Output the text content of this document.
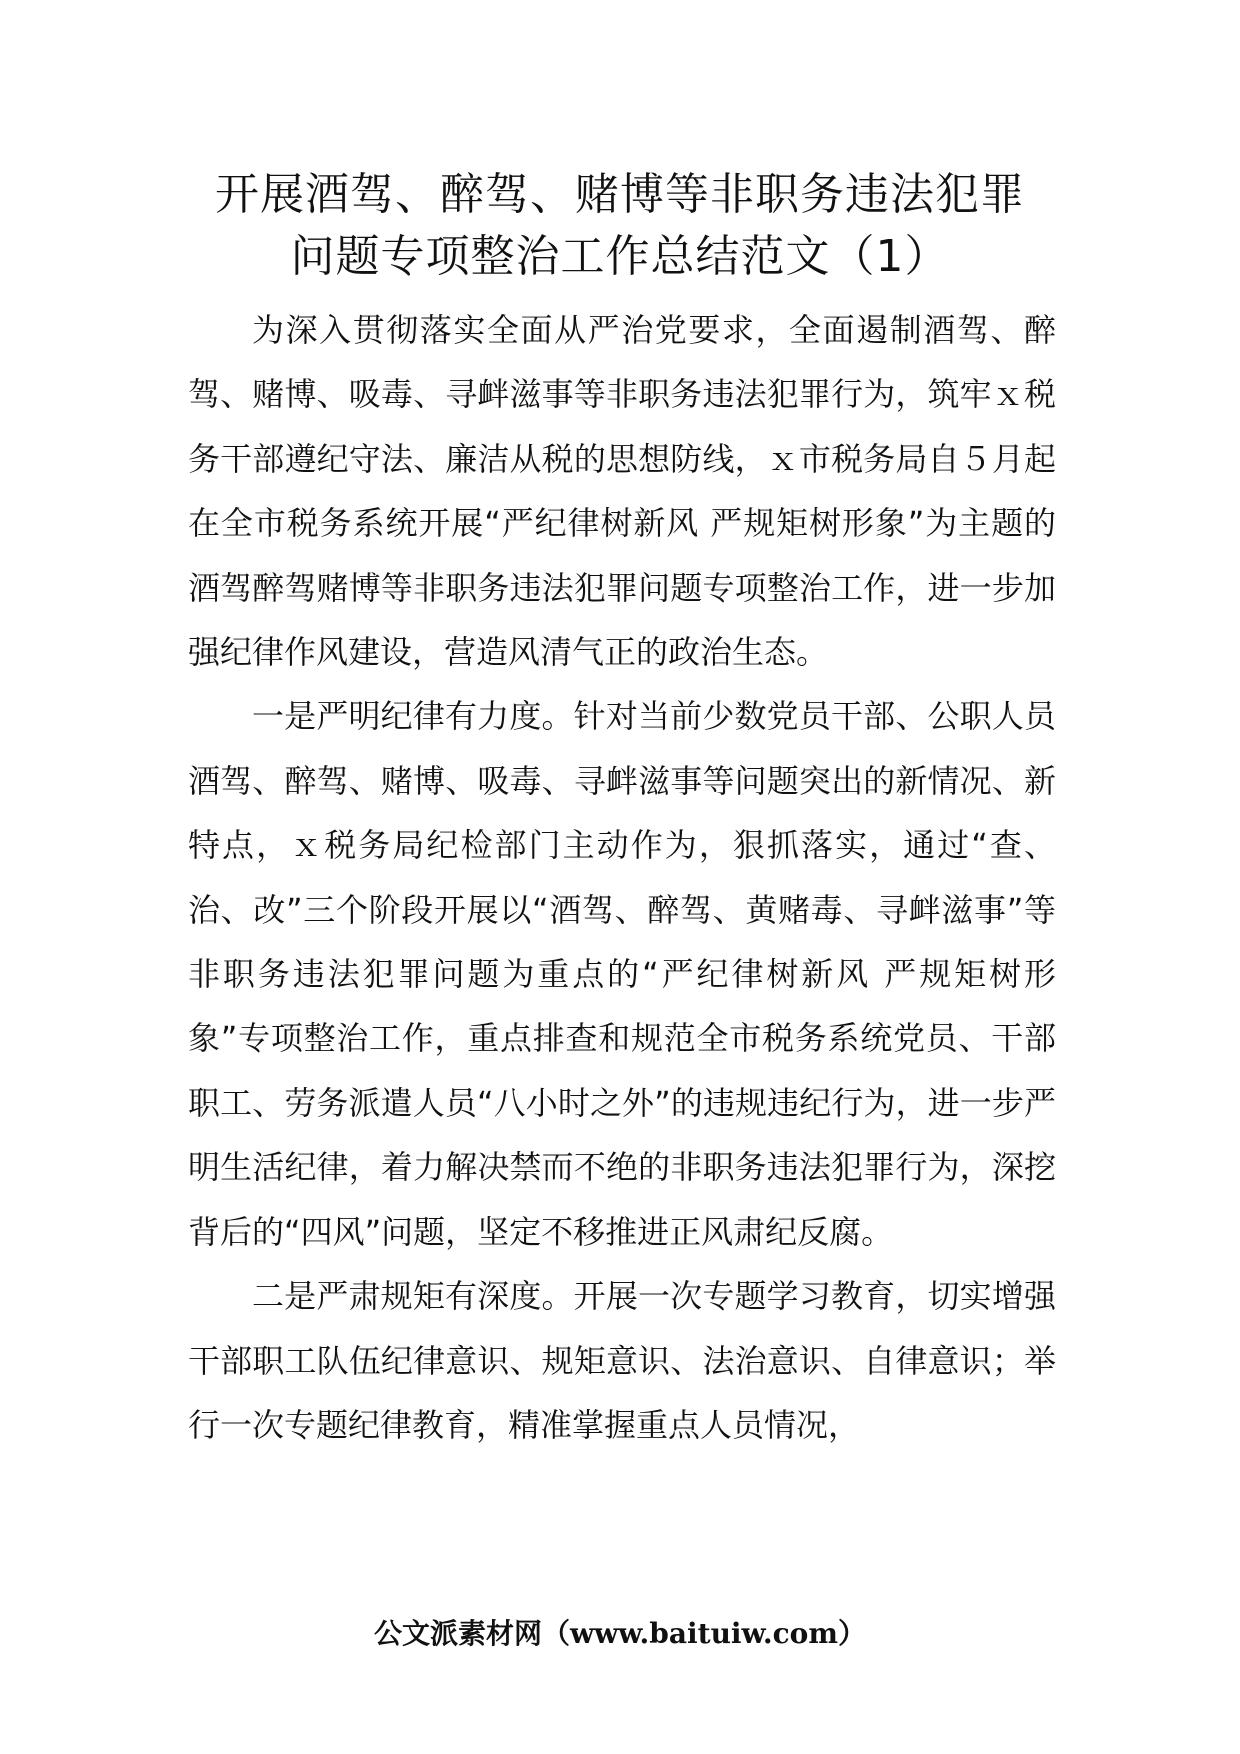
开展酒驾、醉驾、赌博等非职务违法犯罪
问题专项整治工作总结范文（1）

为深入贯彻落实全面从严治党要求，全面遏制酒驾、醉驾、赌博、吸毒、寻衅滋事等非职务违法犯罪行为，筑牢ｘ税务干部遵纪守法、廉洁从税的思想防线，ｘ市税务局自５月起在全市税务系统开展“严纪律树新风 严规矩树形象”为主题的酒驾醉驾赌博等非职务违法犯罪问题专项整治工作，进一步加强纪律作风建设，营造风清气正的政治生态。

一是严明纪律有力度。针对当前少数党员干部、公职人员酒驾、醉驾、赌博、吸毒、寻衅滋事等问题突出的新情况、新特点，ｘ税务局纪检部门主动作为，狠抓落实，通过“查、治、改”三个阶段开展以“酒驾、醉驾、黄赌毒、寻衅滋事”等非职务违法犯罪问题为重点的“严纪律树新风 严规矩树形象”专项整治工作，重点排查和规范全市税务系统党员、干部职工、劳务派遣人员“八小时之外”的违规违纪行为，进一步严明生活纪律，着力解决禁而不绝的非职务违法犯罪行为，深挖背后的“四风”问题，坚定不移推进正风肃纪反腐。

二是严肃规矩有深度。开展一次专题学习教育，切实增强干部职工队伍纪律意识、规矩意识、法治意识、自律意识；举行一次专题纪律教育，精准掌握重点人员情况，

公文派素材网（www.baituiw.com）
